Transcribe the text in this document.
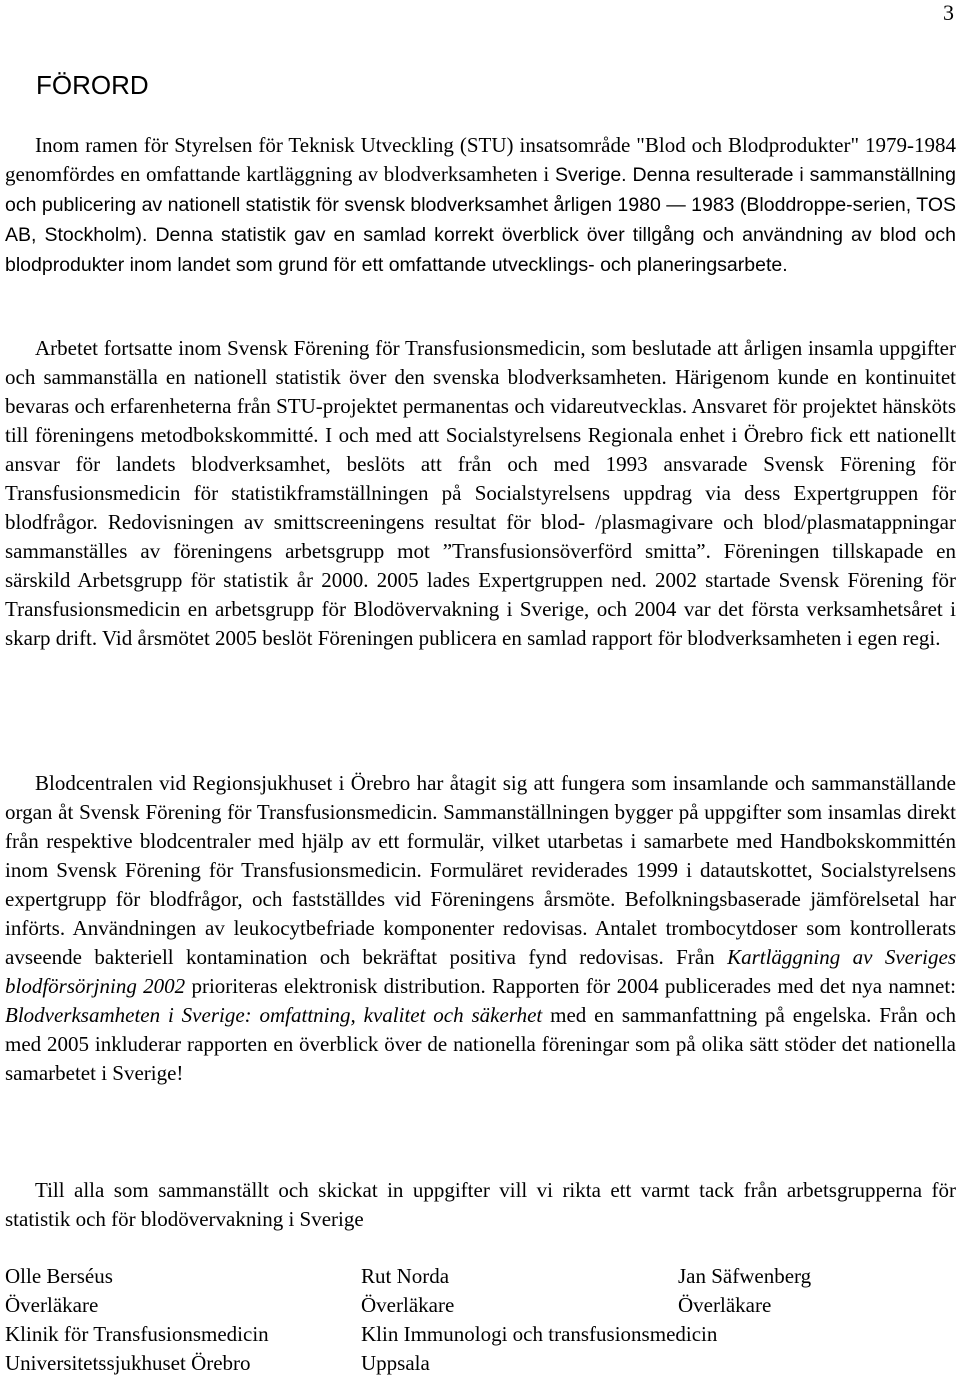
3
FÖRORD

Inom ramen för Styrelsen för Teknisk Utveckling (STU) insatsområde "Blod och Blodprodukter" 1979-1984 genomfördes en omfattande kartläggning av blodverksamheten i Sverige. Denna resulterade i sammanställning och publicering av nationell statistik för svensk blodverksamhet årligen 1980 — 1983 (Bloddroppe-serien, TOS AB, Stockholm). Denna statistik gav en samlad korrekt överblick över tillgång och användning av blod och blodprodukter inom landet som grund för ett omfattande utvecklings- och planeringsarbete.

Arbetet fortsatte inom Svensk Förening för Transfusionsmedicin, som beslutade att årligen insamla uppgifter och sammanställa en nationell statistik över den svenska blodverksamheten. Härigenom kunde en kontinuitet bevaras och erfarenheterna från STU-projektet permanentas och vidareutvecklas. Ansvaret för projektet hänsköts till föreningens metodbokskommitté. I och med att Socialstyrelsens Regionala enhet i Örebro fick ett nationellt ansvar för landets blodverksamhet, beslöts att från och med 1993 ansvarade Svensk Förening för Transfusionsmedicin för statistikframställningen på Socialstyrelsens uppdrag via dess Expertgruppen för blodfrågor. Redovisningen av smittscreeningens resultat för blod- /plasmagivare och blod/plasmatappningar sammanställes av föreningens arbetsgrupp mot ”Transfusionsöverförd smitta”. Föreningen tillskapade en särskild Arbetsgrupp för statistik år 2000. 2005 lades Expertgruppen ned. 2002 startade Svensk Förening för Transfusionsmedicin en arbetsgrupp för Blodövervakning i Sverige, och 2004 var det första verksamhetsåret i skarp drift. Vid årsmötet 2005 beslöt Föreningen publicera en samlad rapport för blodverksamheten i egen regi.

Blodcentralen vid Regionsjukhuset i Örebro har åtagit sig att fungera som insamlande och sammanställande organ åt Svensk Förening för Transfusionsmedicin. Sammanställningen bygger på uppgifter som insamlas direkt från respektive blodcentraler med hjälp av ett formulär, vilket utarbetas i samarbete med Handbokskommittén inom Svensk Förening för Transfusionsmedicin. Formuläret reviderades 1999 i datautskottet, Socialstyrelsens expertgrupp för blodfrågor, och fastställdes vid Föreningens årsmöte. Befolkningsbaserade jämförelsetal har införts. Användningen av leukocytbefriade komponenter redovisas. Antalet trombocytdoser som kontrollerats avseende bakteriell kontamination och bekräftat positiva fynd redovisas. Från Kartläggning av Sveriges blodförsörjning 2002 prioriteras elektronisk distribution. Rapporten för 2004 publicerades med det nya namnet: Blodverksamheten i Sverige: omfattning, kvalitet och säkerhet med en sammanfattning på engelska. Från och med 2005 inkluderar rapporten en överblick över de nationella föreningar som på olika sätt stöder det nationella samarbetet i Sverige!

Till alla som sammanställt och skickat in uppgifter vill vi rikta ett varmt tack från arbetsgrupperna för statistik och för blodövervakning i Sverige

Olle Berséus
Överläkare
Klinik för Transfusionsmedicin
Universitetssjukhuset Örebro
Rut Norda
Överläkare
Klin Immunologi och transfusionsmedicin
Uppsala
Jan Säfwenberg
Överläkare
